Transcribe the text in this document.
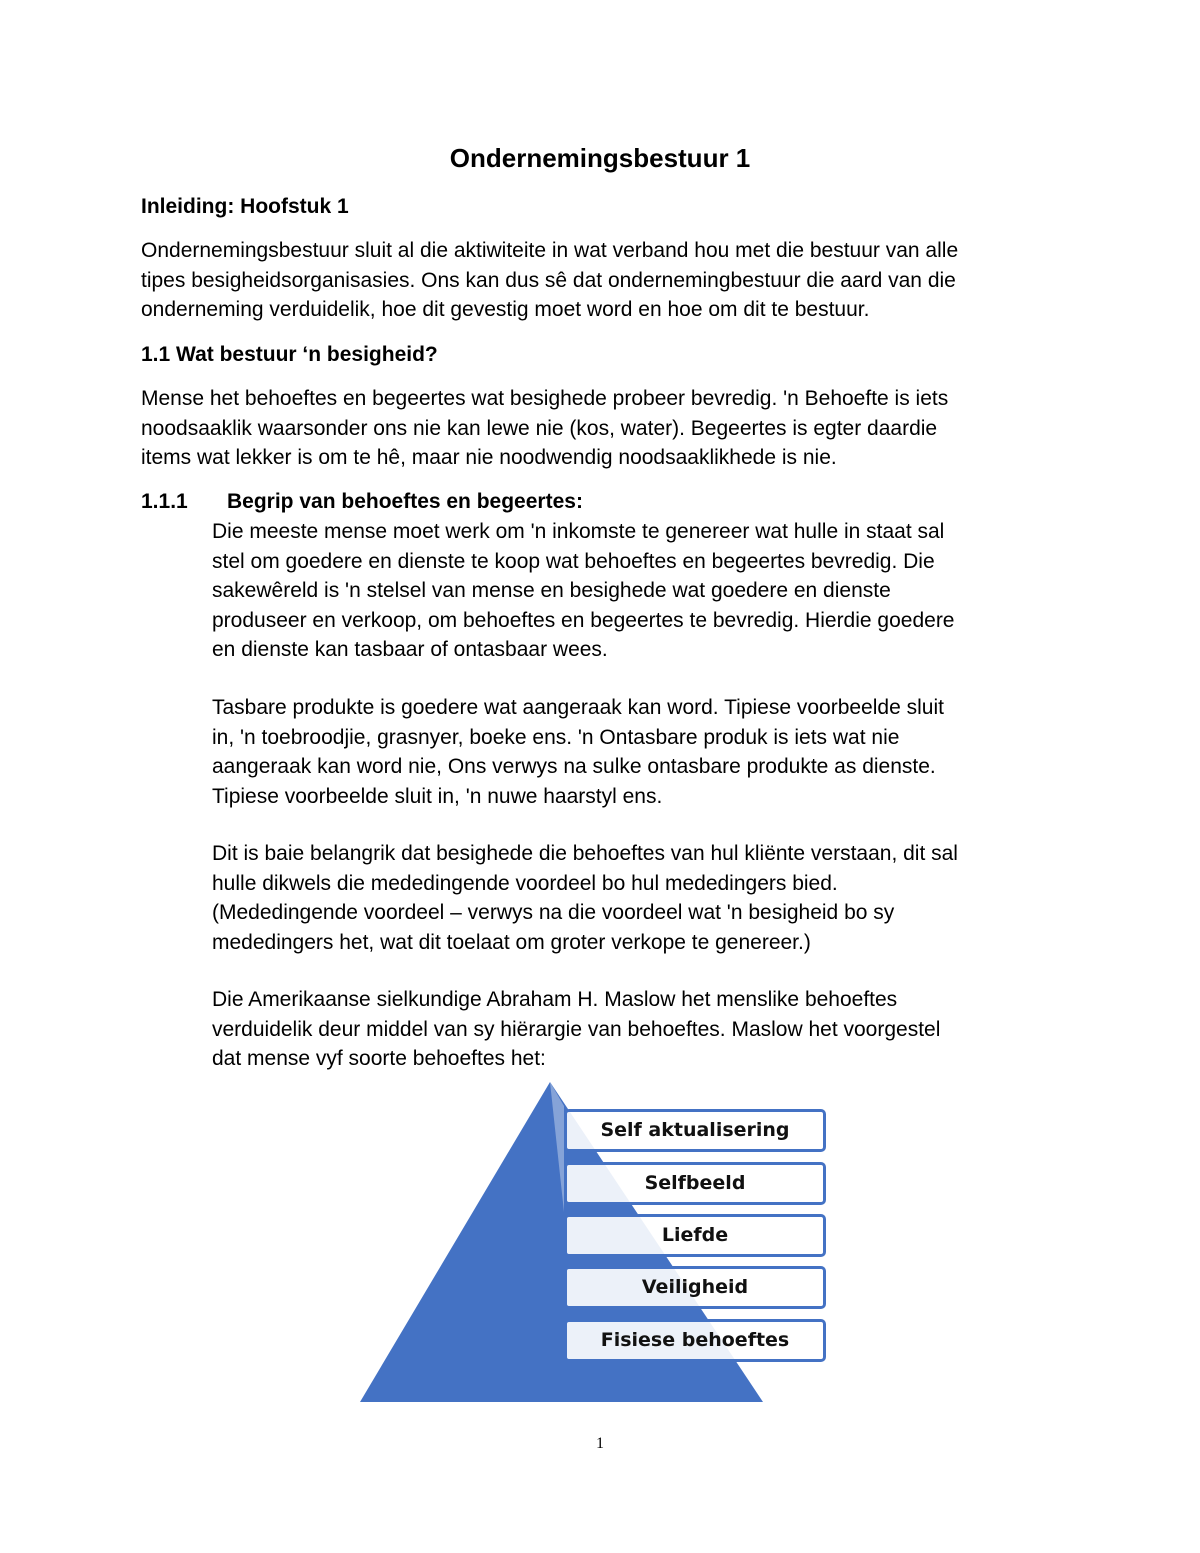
Ondernemingsbestuur 1
Inleiding: Hoofstuk 1
Ondernemingsbestuur sluit al die aktiwiteite in wat verband hou met die bestuur van alle
tipes besigheidsorganisasies. Ons kan dus sê dat ondernemingbestuur die aard van die
onderneming verduidelik, hoe dit gevestig moet word en hoe om dit te bestuur.
1.1 Wat bestuur ‘n besigheid?
Mense het behoeftes en begeertes wat besighede probeer bevredig. 'n Behoefte is iets
noodsaaklik waarsonder ons nie kan lewe nie (kos, water). Begeertes is egter daardie
items wat lekker is om te hê, maar nie noodwendig noodsaaklikhede is nie.
1.1.1 Begrip van behoeftes en begeertes:
Die meeste mense moet werk om 'n inkomste te genereer wat hulle in staat sal
stel om goedere en dienste te koop wat behoeftes en begeertes bevredig. Die
sakewêreld is 'n stelsel van mense en besighede wat goedere en dienste
produseer en verkoop, om behoeftes en begeertes te bevredig. Hierdie goedere
en dienste kan tasbaar of ontasbaar wees.
Tasbare produkte is goedere wat aangeraak kan word. Tipiese voorbeelde sluit
in, 'n toebroodjie, grasnyer, boeke ens. 'n Ontasbare produk is iets wat nie
aangeraak kan word nie, Ons verwys na sulke ontasbare produkte as dienste.
Tipiese voorbeelde sluit in, 'n nuwe haarstyl ens.
Dit is baie belangrik dat besighede die behoeftes van hul kliënte verstaan, dit sal
hulle dikwels die mededingende voordeel bo hul mededingers bied.
(Mededingende voordeel – verwys na die voordeel wat 'n besigheid bo sy
mededingers het, wat dit toelaat om groter verkope te genereer.)
Die Amerikaanse sielkundige Abraham H. Maslow het menslike behoeftes
verduidelik deur middel van sy hiërargie van behoeftes. Maslow het voorgestel
dat mense vyf soorte behoeftes het:
Self aktualisering
Selfbeeld
Liefde
Veiligheid
Fisiese behoeftes
1
